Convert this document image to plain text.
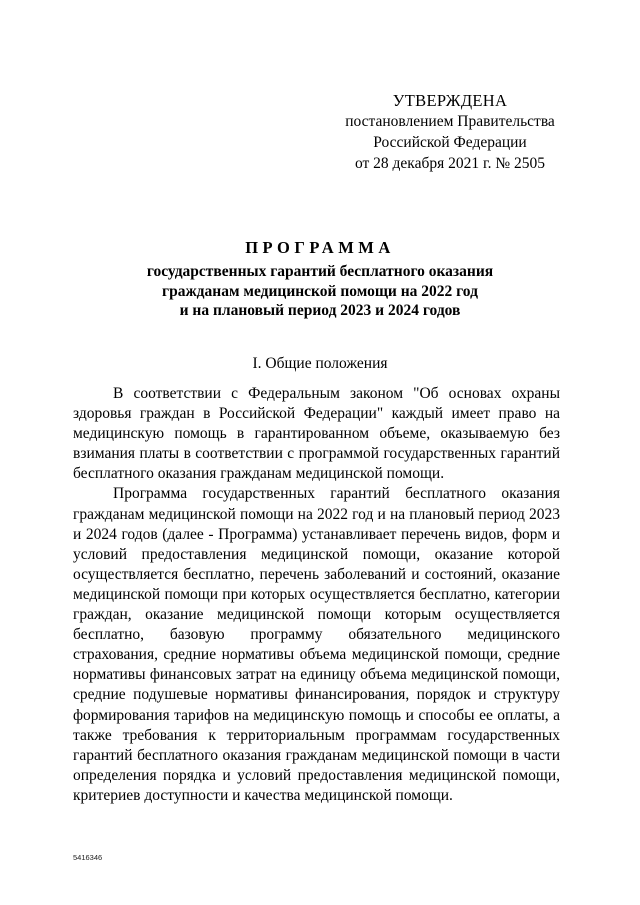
УТВЕРЖДЕНА
постановлением Правительства
Российской Федерации
от 28 декабря 2021 г. № 2505
ПРОГРАММА
государственных гарантий бесплатного оказания
гражданам медицинской помощи на 2022 год
и на плановый период 2023 и 2024 годов
I. Общие положения

В соответствии с Федеральным законом "Об основах охраны здоровья граждан в Российской Федерации" каждый имеет право на медицинскую помощь в гарантированном объеме, оказываемую без взимания платы в соответствии с программой государственных гарантий бесплатного оказания гражданам медицинской помощи.

Программа государственных гарантий бесплатного оказания гражданам медицинской помощи на 2022 год и на плановый период 2023 и 2024 годов (далее - Программа) устанавливает перечень видов, форм и условий предоставления медицинской помощи, оказание которой осуществляется бесплатно, перечень заболеваний и состояний, оказание медицинской помощи при которых осуществляется бесплатно, категории граждан, оказание медицинской помощи которым осуществляется бесплатно, базовую программу обязательного медицинского страхования, средние нормативы объема медицинской помощи, средние нормативы финансовых затрат на единицу объема медицинской помощи, средние подушевые нормативы финансирования, порядок и структуру формирования тарифов на медицинскую помощь и способы ее оплаты, а также требования к территориальным программам государственных гарантий бесплатного оказания гражданам медицинской помощи в части определения порядка и условий предоставления медицинской помощи, критериев доступности и качества медицинской помощи.

5416346
